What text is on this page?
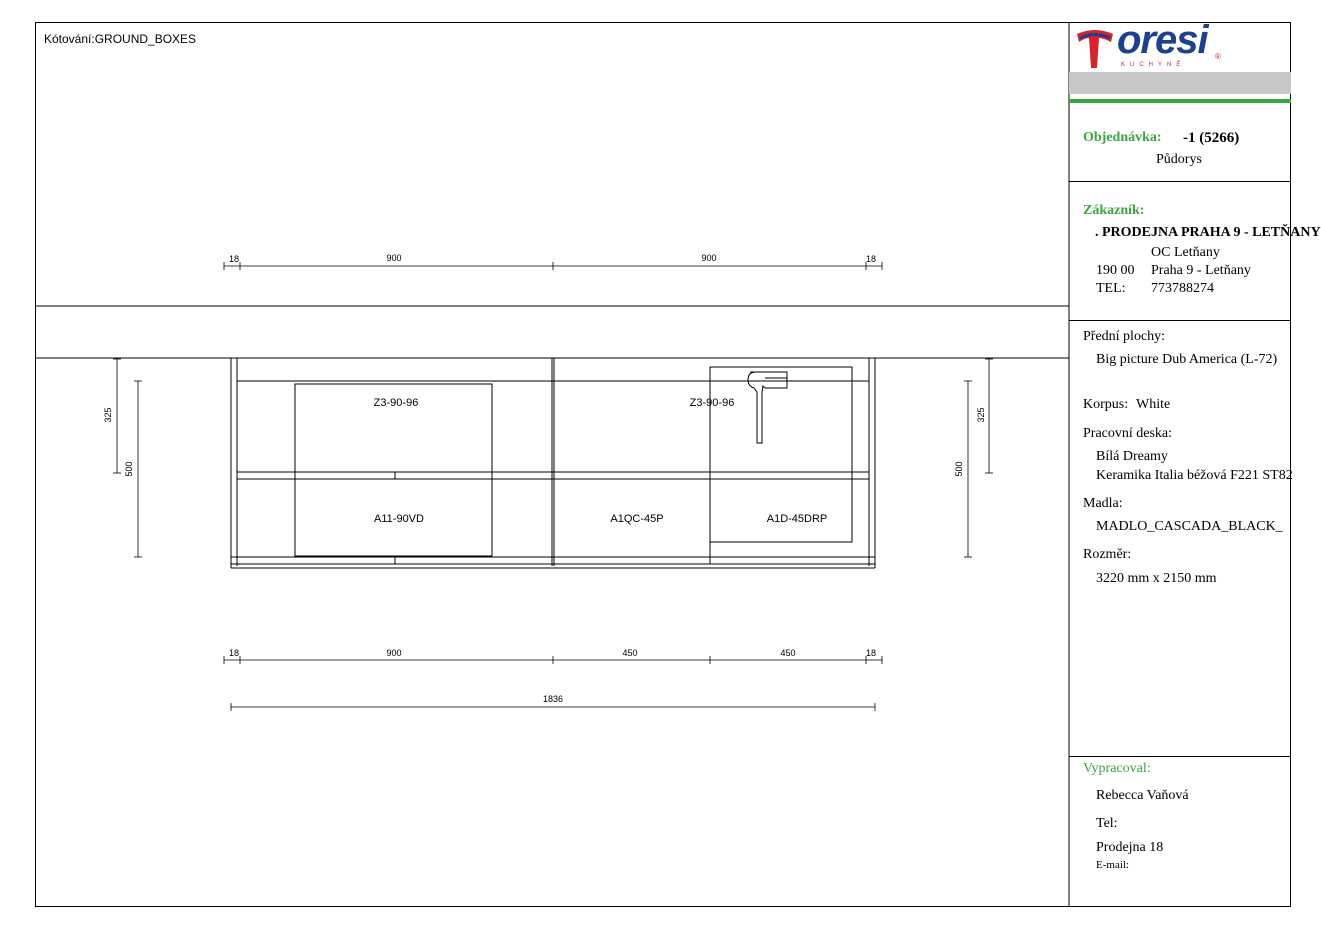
18	900	900	18
Z3-90-96	Z3-90-96
A11-90VD	A1QC-45P	A1D-45DRP
325
500	500
325
18	900	450	450	18
1836
Kótování:GROUND_BOXES	oresi ®
KUCHYNĚ
Objednávka: -1 (5266)
Půdorys
Zákazník:
. PRODEJNA PRAHA 9 - LETŇANY
OC Letňany
190 00 Praha 9 - Letňany
TEL: 773788274
Přední plochy:
Big picture Dub America (L-72)
Korpus: White
Pracovní deska:
Bílá Dreamy
Keramika Italia béžová F221 ST82
Madla:
MADLO_CASCADA_BLACK_
Rozměr:
3220 mm x 2150 mm
Vypracoval:
Rebecca Vaňová
Tel:
Prodejna 18
E-mail:
